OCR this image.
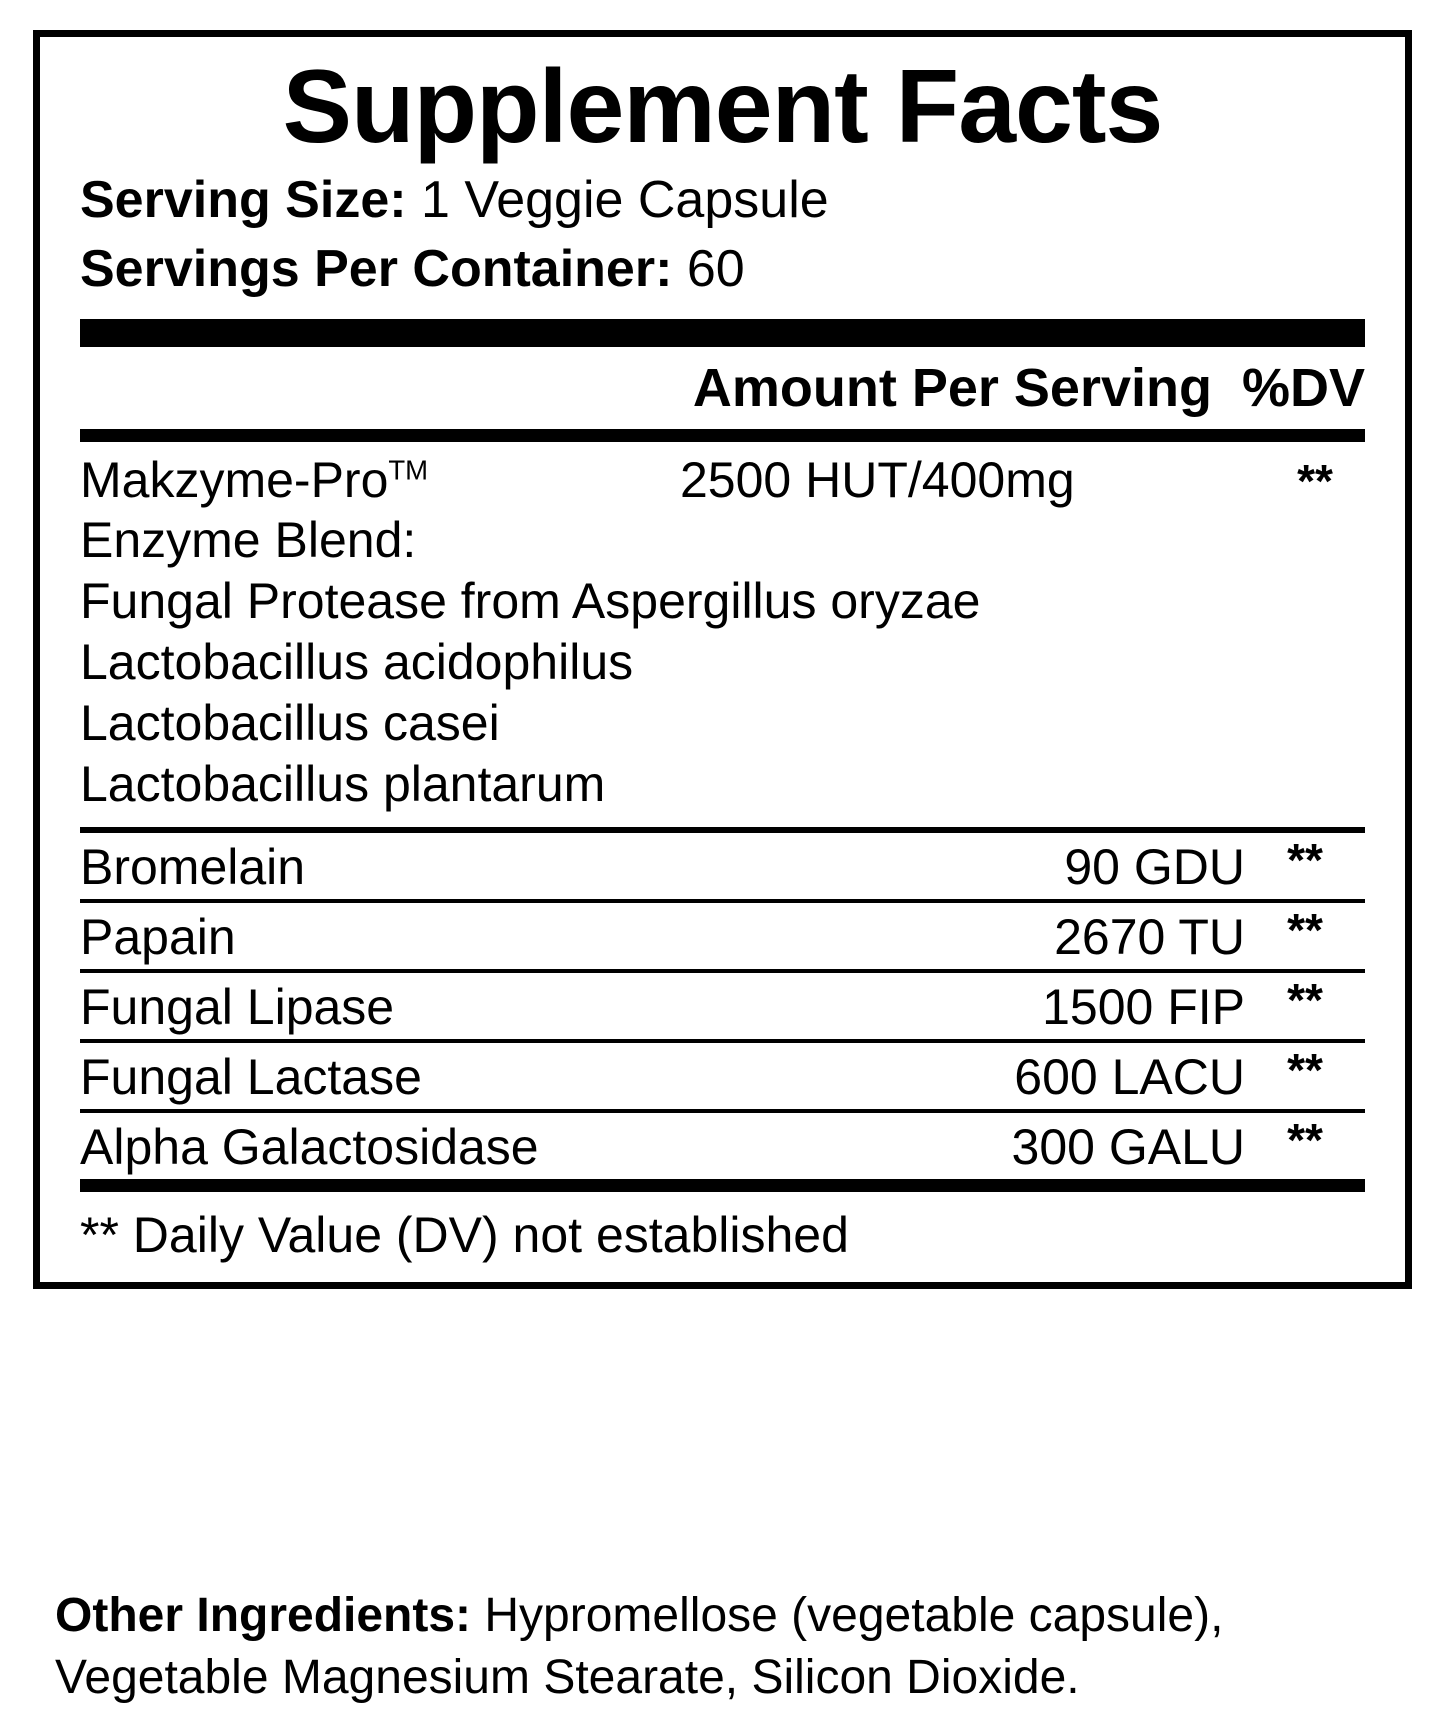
Supplement Facts
Serving Size: 1 Veggie Capsule
Servings Per Container: 60
Amount Per Serving %DV
Makzyme-Pro™	2500 HUT/400mg	**
Enzyme Blend:
Fungal Protease from Aspergillus oryzae
Lactobacillus acidophilus
Lactobacillus casei
Lactobacillus plantarum
Bromelain	90 GDU **
Papain	2670 TU **
Fungal Lipase	1500 FIP **
Fungal Lactase	600 LACU **
Alpha Galactosidase	300 GALU **
** Daily Value (DV) not established
Other Ingredients: Hypromellose (vegetable capsule), Vegetable Magnesium Stearate, Silicon Dioxide.
